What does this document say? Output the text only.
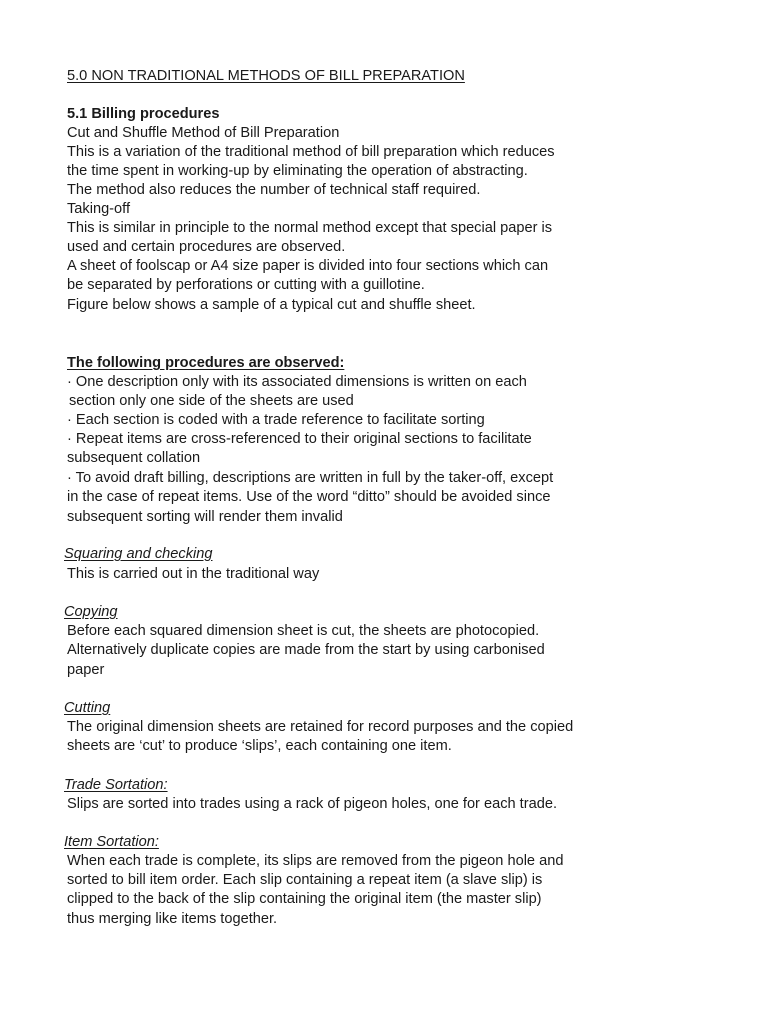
5.0 NON TRADITIONAL METHODS OF BILL PREPARATION
5.1 Billing procedures
Cut and Shuffle Method of Bill Preparation
This is a variation of the traditional method of bill preparation which reduces
the time spent in working-up by eliminating the operation of abstracting.
The method also reduces the number of technical staff required.
Taking-off
This is similar in principle to the normal method except that special paper is
used and certain procedures are observed.
A sheet of foolscap or A4 size paper is divided into four sections which can
be separated by perforations or cutting with a guillotine.
Figure below shows a sample of a typical cut and shuffle sheet.
The following procedures are observed:
· One description only with its associated dimensions is written on each
section only one side of the sheets are used
· Each section is coded with a trade reference to facilitate sorting
· Repeat items are cross-referenced to their original sections to facilitate
subsequent collation
· To avoid draft billing, descriptions are written in full by the taker-off, except
in the case of repeat items. Use of the word “ditto” should be avoided since
subsequent sorting will render them invalid
Squaring and checking
This is carried out in the traditional way
Copying
Before each squared dimension sheet is cut, the sheets are photocopied.
Alternatively duplicate copies are made from the start by using carbonised
paper
Cutting
The original dimension sheets are retained for record purposes and the copied
sheets are ‘cut’ to produce ‘slips’, each containing one item.
Trade Sortation:
Slips are sorted into trades using a rack of pigeon holes, one for each trade.
Item Sortation:
When each trade is complete, its slips are removed from the pigeon hole and
sorted to bill item order. Each slip containing a repeat item (a slave slip) is
clipped to the back of the slip containing the original item (the master slip)
thus merging like items together.
